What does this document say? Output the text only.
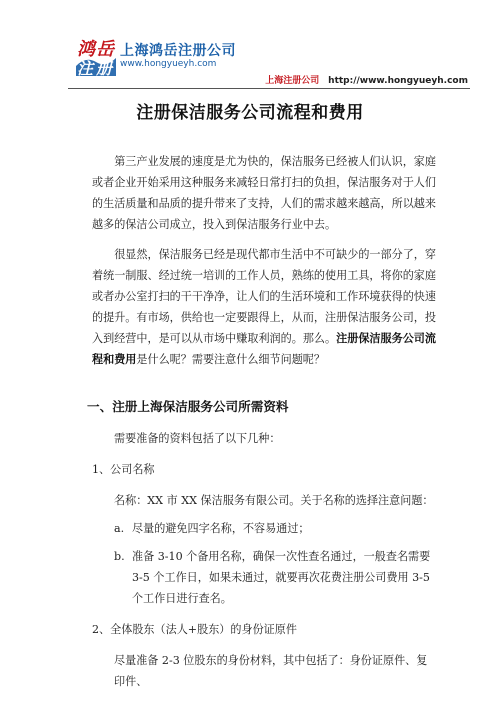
鸿 岳
注 册
上海鸿岳注册公司
www.hongyueyh.com
上海注册公司 http://www.hongyueyh.com
注册保洁服务公司流程和费用

第三产业发展的速度是尤为快的，保洁服务已经被人们认识，家庭或者企业开始采用这种服务来减轻日常打扫的负担，保洁服务对于人们的生活质量和品质的提升带来了支持，人们的需求越来越高，所以越来越多的保洁公司成立，投入到保洁服务行业中去。

很显然，保洁服务已经是现代都市生活中不可缺少的一部分了，穿着统一制服、经过统一培训的工作人员，熟练的使用工具，将你的家庭或者办公室打扫的干干净净，让人们的生活环境和工作环境获得的快速的提升。有市场，供给也一定要跟得上，从而，注册保洁服务公司，投入到经营中，是可以从市场中赚取利润的。那么。注册保洁服务公司流程和费用是什么呢？需要注意什么细节问题呢？

一、注册上海保洁服务公司所需资料
需要准备的资料包括了以下几种：
1、公司名称
名称：XX 市 XX 保洁服务有限公司。关于名称的选择注意问题：
a. 尽量的避免四字名称，不容易通过；
b. 准备 3-10 个备用名称，确保一次性查名通过，一般查名需要 3-5 个工作日，如果未通过，就要再次花费注册公司费用 3-5 个工作日进行查名。
2、全体股东（法人+股东）的身份证原件
尽量准备 2-3 位股东的身份材料，其中包括了：身份证原件、复印件、
